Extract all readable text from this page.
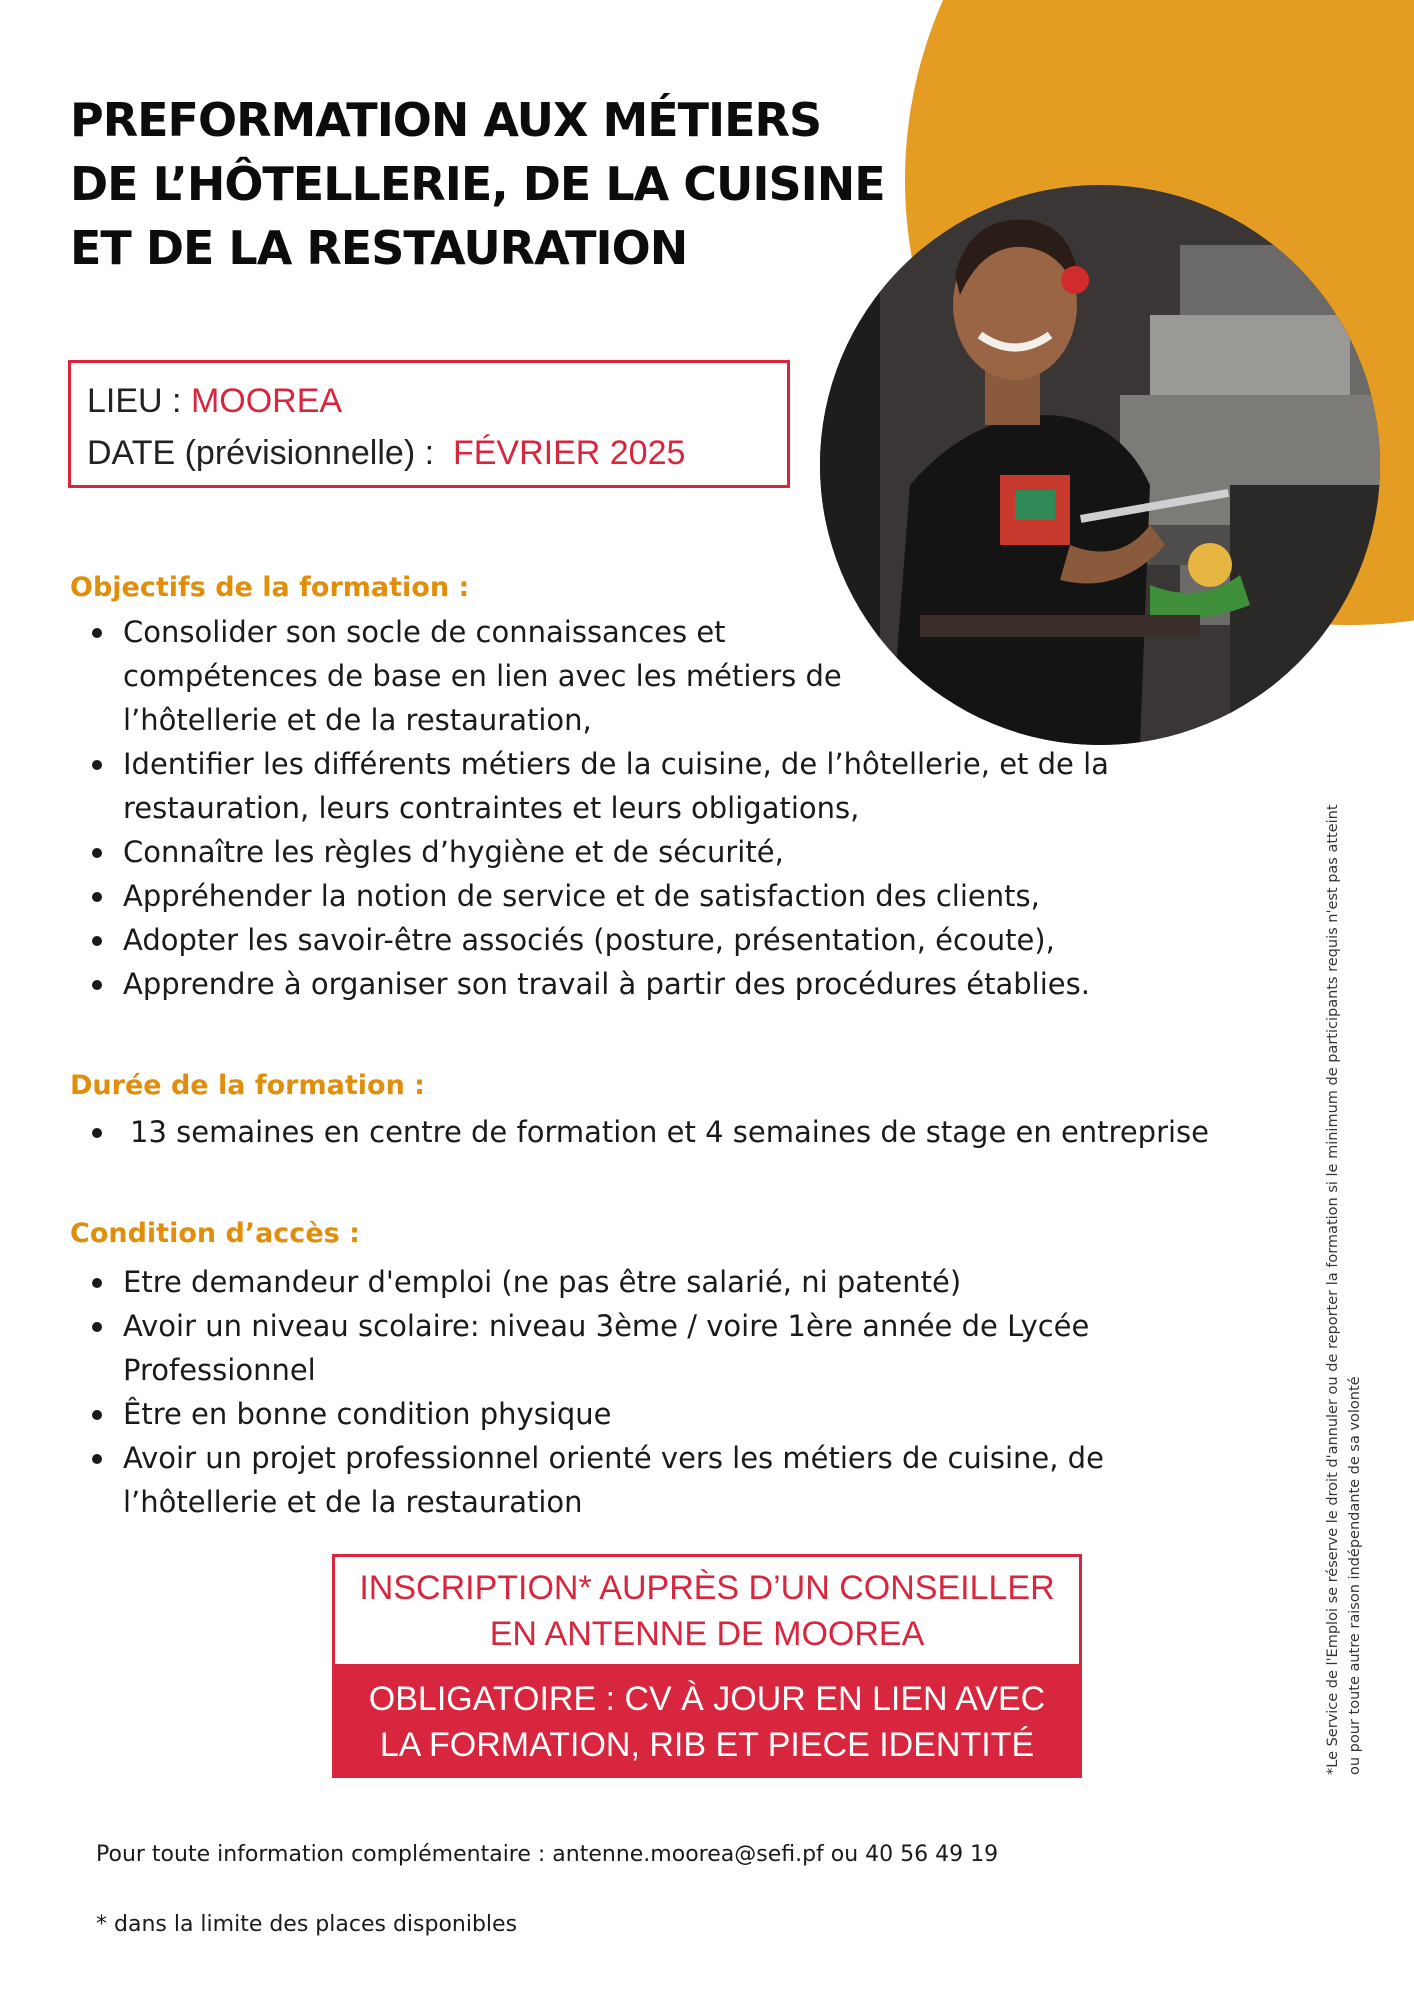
PREFORMATION AUX MÉTIERS
DE L’HÔTELLERIE, DE LA CUISINE
ET DE LA RESTAURATION
LIEU : MOOREA
DATE (prévisionnelle) :  FÉVRIER 2025
Objectifs de la formation :
Consolider son socle de connaissances et compétences de base en lien avec les métiers de l’hôtellerie et de la restauration,
Identifier les différents métiers de la cuisine, de l’hôtellerie, et de la restauration, leurs contraintes et leurs obligations,
Connaître les règles d’hygiène et de sécurité,
Appréhender la notion de service et de satisfaction des clients,
Adopter les savoir-être associés (posture, présentation, écoute),
Apprendre à organiser son travail à partir des procédures établies.
Durée de la formation :
13 semaines en centre de formation et 4 semaines de stage en entreprise
Condition d’accès :
Etre demandeur d'emploi (ne pas être salarié, ni patenté)
Avoir un niveau scolaire: niveau 3ème / voire 1ère année de Lycée Professionnel
Être en bonne condition physique
Avoir un projet professionnel orienté vers les métiers de cuisine, de l’hôtellerie et de la restauration
INSCRIPTION* AUPRÈS D’UN CONSEILLER
EN ANTENNE DE MOOREA
OBLIGATOIRE : CV À JOUR EN LIEN AVEC
LA FORMATION, RIB ET PIECE IDENTITÉ
Pour toute information complémentaire : antenne.moorea@sefi.pf ou 40 56 49 19
* dans la limite des places disponibles
*Le Service de l'Emploi se réserve le droit d'annuler ou de reporter la formation si le minimum de participants requis n'est pas atteint ou pour toute autre raison indépendante de sa volonté
